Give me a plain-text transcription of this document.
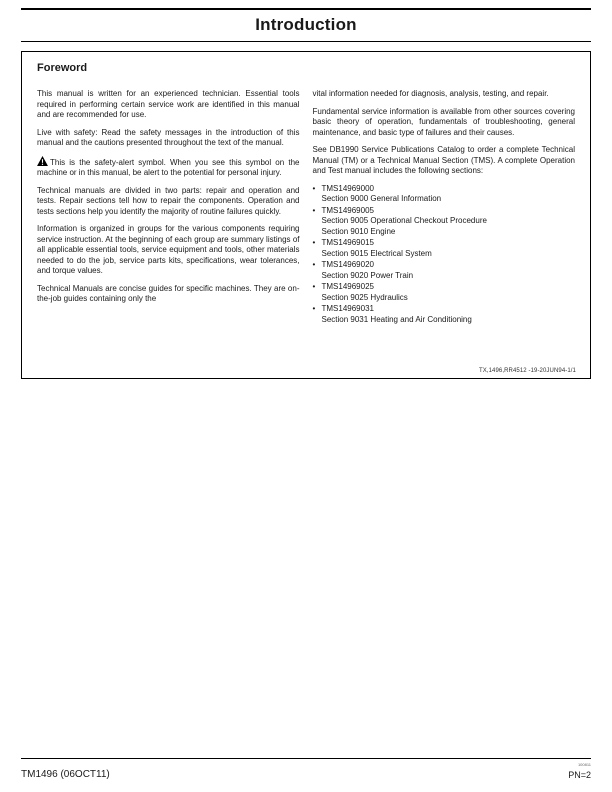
Introduction
Foreword

This manual is written for an experienced technician. Essential tools required in performing certain service work are identified in this manual and are recommended for use.

Live with safety: Read the safety messages in the introduction of this manual and the cautions presented throughout the text of the manual.

This is the safety-alert symbol. When you see this symbol on the machine or in this manual, be alert to the potential for personal injury.

Technical manuals are divided in two parts: repair and operation and tests. Repair sections tell how to repair the components. Operation and tests sections help you identify the majority of routine failures quickly.

Information is organized in groups for the various components requiring service instruction. At the beginning of each group are summary listings of all applicable essential tools, service equipment and tools, other materials needed to do the job, service parts kits, specifications, wear tolerances, and torque values.

Technical Manuals are concise guides for specific machines. They are on-the-job guides containing only the

vital information needed for diagnosis, analysis, testing, and repair.

Fundamental service information is available from other sources covering basic theory of operation, fundamentals of troubleshooting, general maintenance, and basic type of failures and their causes.

See DB1990 Service Publications Catalog to order a complete Technical Manual (TM) or a Technical Manual Section (TMS). A complete Operation and Test manual includes the following sections:

• TMS14969000
Section 9000 General Information
• TMS14969005
Section 9005 Operational Checkout Procedure
Section 9010 Engine
• TMS14969015
Section 9015 Electrical System
• TMS14969020
Section 9020 Power Train
• TMS14969025
Section 9025 Hydraulics
• TMS14969031
Section 9031 Heating and Air Conditioning
TX,1496,RR4512 -19-20JUN94-1/1
TM1496 (06OCT11)
100811
PN=2
